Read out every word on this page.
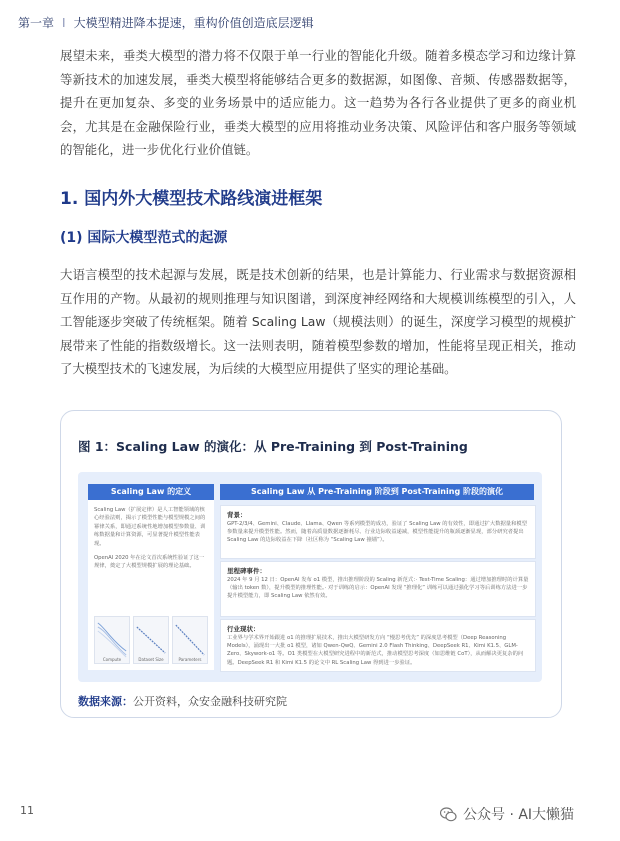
第一章 I 大模型精进降本提速，重构价值创造底层逻辑
展望未来，垂类大模型的潜力将不仅限于单一行业的智能化升级。随着多模态学习和边缘计算等新技术的加速发展，垂类大模型将能够结合更多的数据源，如图像、音频、传感器数据等，提升在更加复杂、多变的业务场景中的适应能力。这一趋势为各行各业提供了更多的商业机会，尤其是在金融保险行业，垂类大模型的应用将推动业务决策、风险评估和客户服务等领域的智能化，进一步优化行业价值链。
1. 国内外大模型技术路线演进框架
(1) 国际大模型范式的起源
大语言模型的技术起源与发展，既是技术创新的结果，也是计算能力、行业需求与数据资源相互作用的产物。从最初的规则推理与知识图谱，到深度神经网络和大规模训练模型的引入，人工智能逐步突破了传统框架。随着 Scaling Law（规模法则）的诞生，深度学习模型的规模扩展带来了性能的指数级增长。这一法则表明，随着模型参数的增加，性能将呈现正相关，推动了大模型技术的飞速发展，为后续的大模型应用提供了坚实的理论基础。
图 1：Scaling Law 的演化：从 Pre-Training 到 Post-Training
Scaling Law 的定义
Scaling Law（扩展定律）是人工智能领域的核心经验法则，揭示了模型性能与模型规模之间的幂律关系，即通过系统性地增加模型参数量、训练数据量和计算资源，可显著提升模型性能表现。
OpenAI 2020 年在论文首次系统性验证了这一规律，奠定了大模型规模扩展的理论基础。
Compute	Dataset Size	Parameters
Scaling Law 从 Pre-Training 阶段到 Post-Training 阶段的演化
背景：
GPT-2/3/4、Gemini、Claude、Llama、Qwen 等系列模型的成功，验证了 Scaling Law 的有效性，即通过扩大数据量和模型参数量来提升模型性能。然而，随着高质量数据逐渐耗尽、行业边际收益递减，模型性能提升的瓶颈逐渐显现，部分研究者提出 Scaling Law 的边际收益在下降（社区称为 “Scaling Law 撞墙”）。
里程碑事件：
2024 年 9 月 12 日：OpenAI 发布 o1 模型，推出推理阶段的 Scaling 新范式：· Test-Time Scaling：通过增加推理时的计算量（输出 token 数），提升模型的推理性能。· 对于训练的启示：OpenAI 发现 “推理化” 训练可以通过强化学习等后训练方法进一步提升模型能力，即 Scaling Law 依然有效。
行业现状：
工业界与学术界开始跟进 o1 的推理扩展技术，推出大模型研发方向 “慢思考优先” 的深度思考模型（Deep Reasoning Models），涌现出一大批 o1 模型，诸如 Qwen-QwQ、Gemini 2.0 Flash Thinking、DeepSeek R1、Kimi K1.5、GLM-Zero、Skywork-o1 等。O1 类模型在大模型研究进程中的新范式，推动模型思考深度（如思维链 CoT），从而解决更复杂的问题。DeepSeek R1 和 Kimi K1.5 的论文中 RL Scaling Law 得到进一步验证。
数据来源：公开资料，众安金融科技研究院
11	公众号 · AI大懒猫
